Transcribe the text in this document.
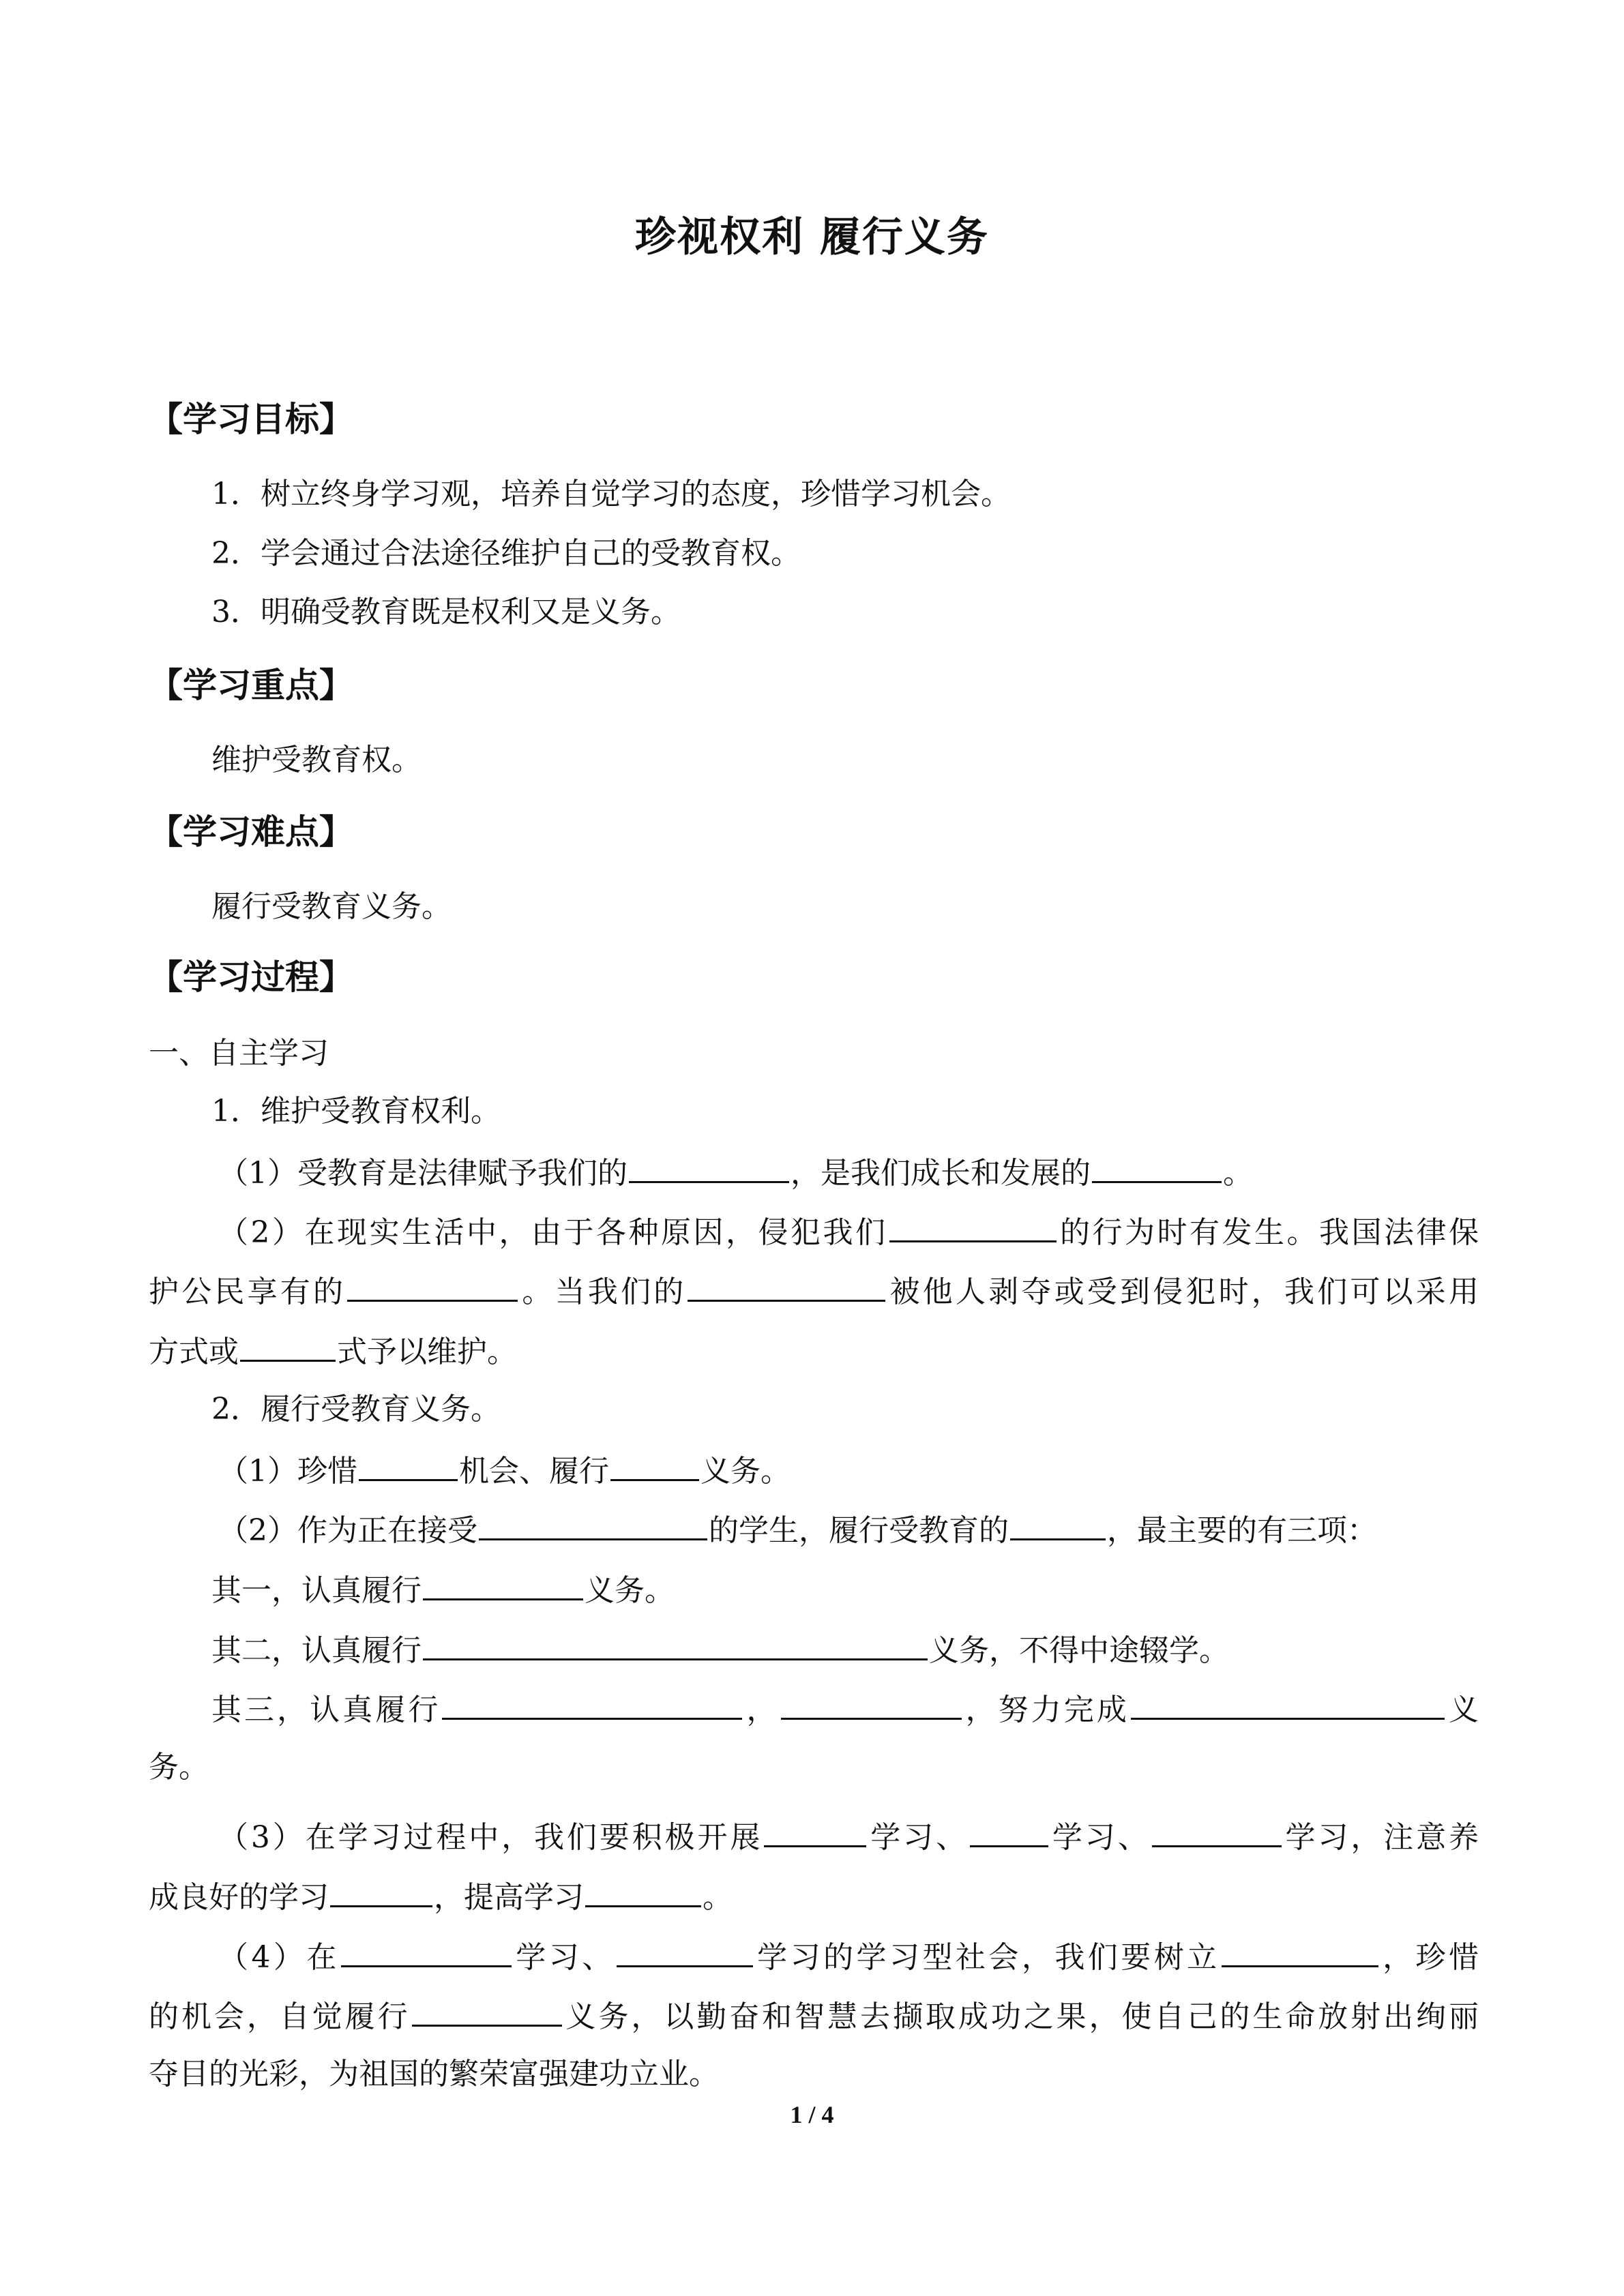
珍视权利 履行义务
【学习目标】
1．树立终身学习观，培养自觉学习的态度，珍惜学习机会。
2．学会通过合法途径维护自己的受教育权。
3．明确受教育既是权利又是义务。
【学习重点】
维护受教育权。
【学习难点】
履行受教育义务。
【学习过程】
一、自主学习
1．维护受教育权利。
（1）受教育是法律赋予我们的	，是我们成长和发展的	。
（2）在现实生活中，由于各种原因，侵犯我们	的行为时有发生。我国法律保
护公民享有的	。当我们的	被他人剥夺或受到侵犯时，我们可以采用
方式或	式予以维护。
2．履行受教育义务。
（1）珍惜	机会、履行	义务。
（2）作为正在接受	的学生，履行受教育的	，最主要的有三项：
其一，认真履行	义务。
其二，认真履行	义务，不得中途辍学。
其三，认真履行	，	，努力完成	义
务。
（3）在学习过程中，我们要积极开展	学习、	学习、	学习，注意养
成良好的学习	，提高学习	。
（4）在	学习、	学习的学习型社会，我们要树立	，珍惜
的机会，自觉履行	义务，以勤奋和智慧去撷取成功之果，使自己的生命放射出绚丽
夺目的光彩，为祖国的繁荣富强建功立业。
1 / 4
